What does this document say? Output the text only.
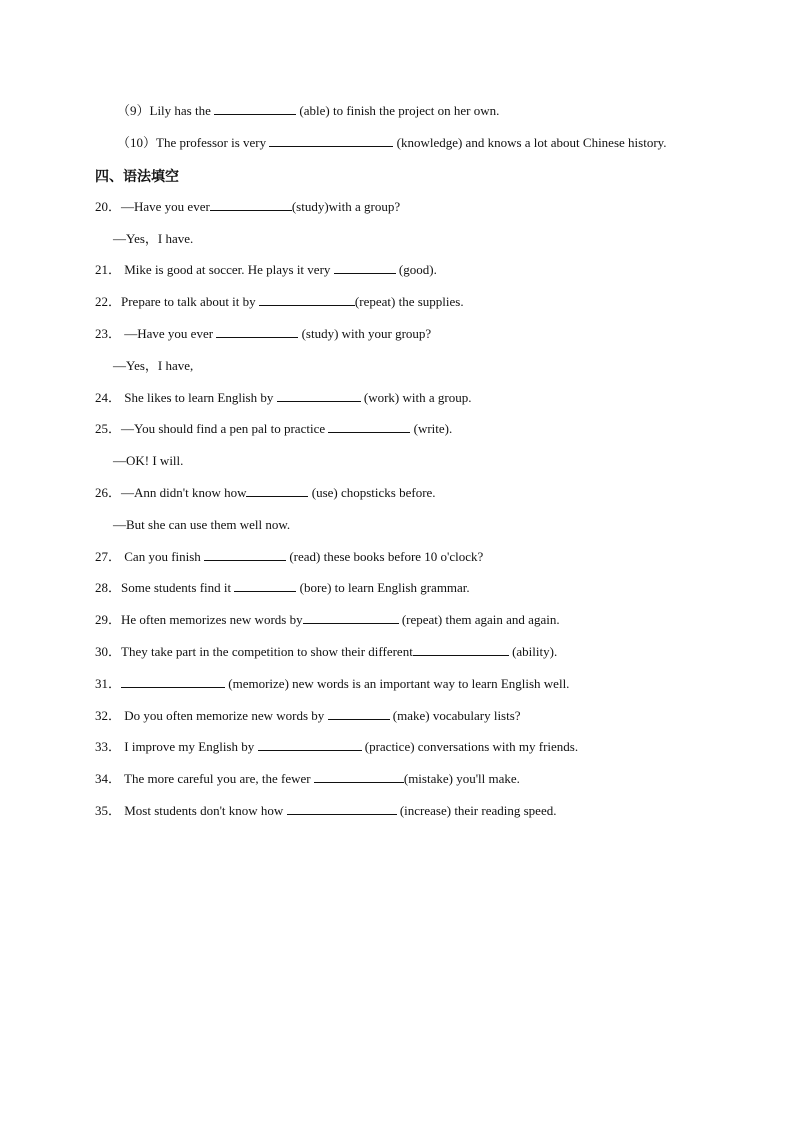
（9）Lily has the	(able) to finish the project on her own.
（10）The professor is very	(knowledge) and knows a lot about Chinese history.
四、语法填空
20．—Have you ever	(study)with a group?
—Yes，I have.
21． Mike is good at soccer. He plays it very	(good).
22．Prepare to talk about it by	(repeat) the supplies.
23． —Have you ever	(study) with your group?
—Yes，I have,
24． She likes to learn English by	(work) with a group.
25．—You should find a pen pal to practice	(write).
—OK! I will.
26．—Ann didn't know how	(use) chopsticks before.
—But she can use them well now.
27． Can you finish	(read) these books before 10 o'clock?
28．Some students find it	(bore) to learn English grammar.
29．He often memorizes new words by	(repeat) them again and again.
30．They take part in the competition to show their different	(ability).
31．	(memorize) new words is an important way to learn English well.
32． Do you often memorize new words by	(make) vocabulary lists?
33． I improve my English by	(practice) conversations with my friends.
34． The more careful you are, the fewer	(mistake) you'll make.
35． Most students don't know how	(increase) their reading speed.
